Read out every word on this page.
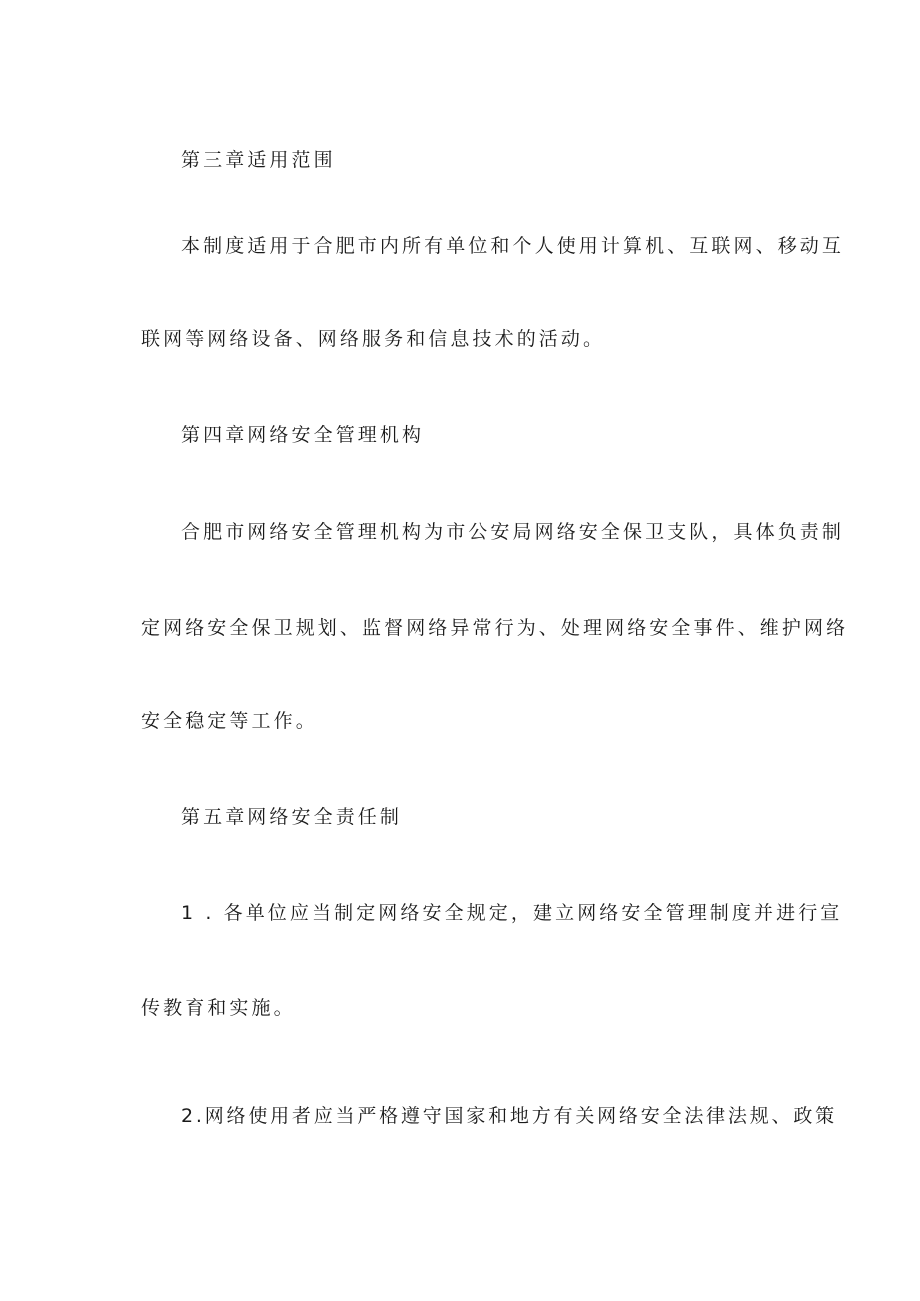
第三章适用范围
本制度适用于合肥市内所有单位和个人使用计算机、互联网、移动互
联网等网络设备、网络服务和信息技术的活动。
第四章网络安全管理机构
合肥市网络安全管理机构为市公安局网络安全保卫支队，具体负责制
定网络安全保卫规划、监督网络异常行为、处理网络安全事件、维护网络
安全稳定等工作。
第五章网络安全责任制
1 . 各单位应当制定网络安全规定，建立网络安全管理制度并进行宣
传教育和实施。
2.网络使用者应当严格遵守国家和地方有关网络安全法律法规、政策
